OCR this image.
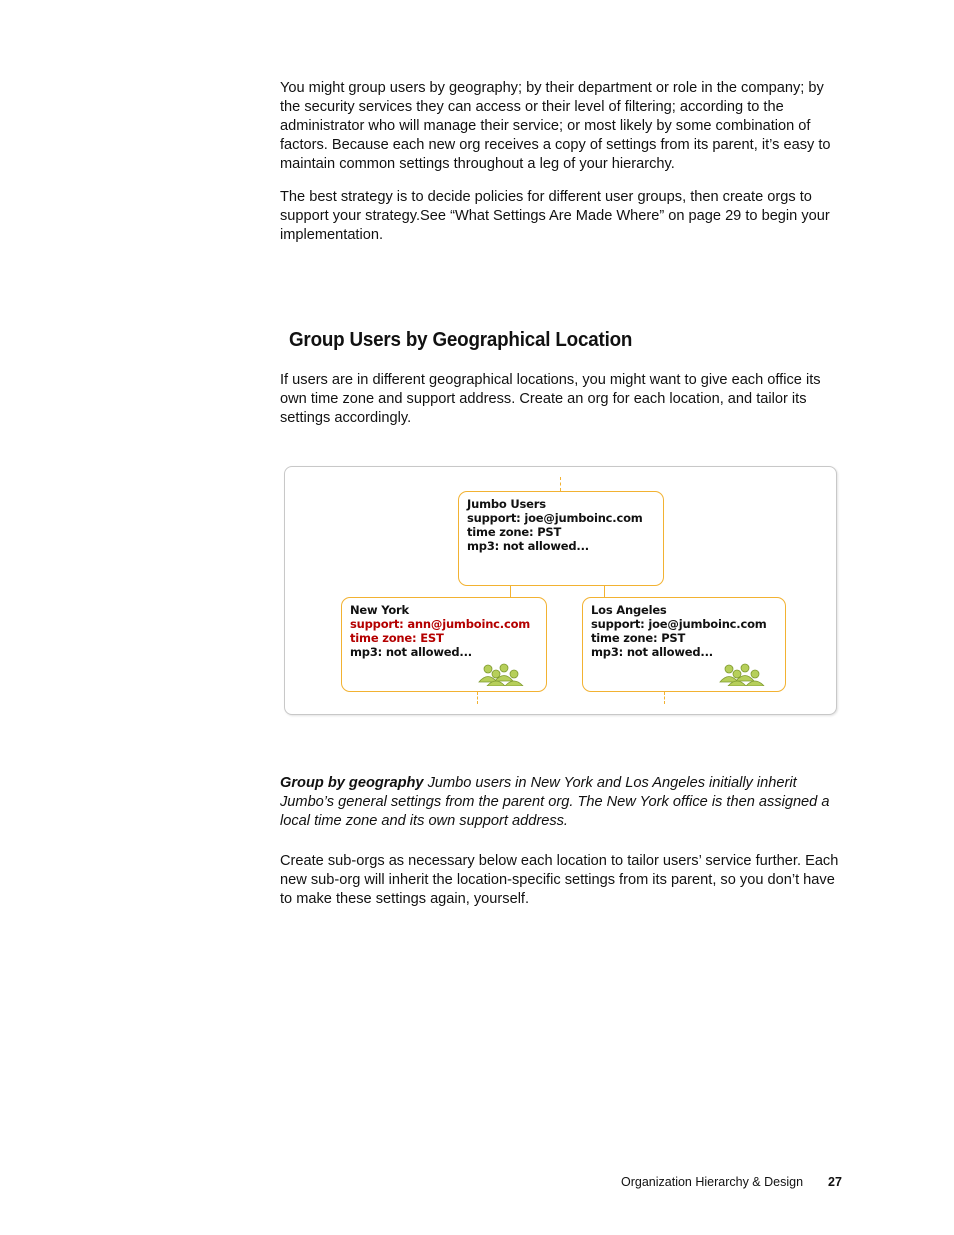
You might group users by geography; by their department or role in the company; by the security services they can access or their level of filtering; according to the administrator who will manage their service; or most likely by some combination of factors. Because each new org receives a copy of settings from its parent, it’s easy to maintain common settings throughout a leg of your hierarchy.

The best strategy is to decide policies for different user groups, then create orgs to support your strategy.See “What Settings Are Made Where” on page 29 to begin your implementation.

Group Users by Geographical Location

If users are in different geographical locations, you might want to give each office its own time zone and support address. Create an org for each location, and tailor its settings accordingly.

Jumbo Users
support: joe@jumboinc.com
time zone: PST
mp3: not allowed...
New York
support: ann@jumboinc.com
time zone: EST
mp3: not allowed...
Los Angeles
support: joe@jumboinc.com
time zone: PST
mp3: not allowed...

Group by geography Jumbo users in New York and Los Angeles initially inherit Jumbo’s general settings from the parent org. The New York office is then assigned a local time zone and its own support address.

Create sub-orgs as necessary below each location to tailor users’ service further. Each new sub-org will inherit the location-specific settings from its parent, so you don’t have to make these settings again, yourself.

Organization Hierarchy & Design 27
